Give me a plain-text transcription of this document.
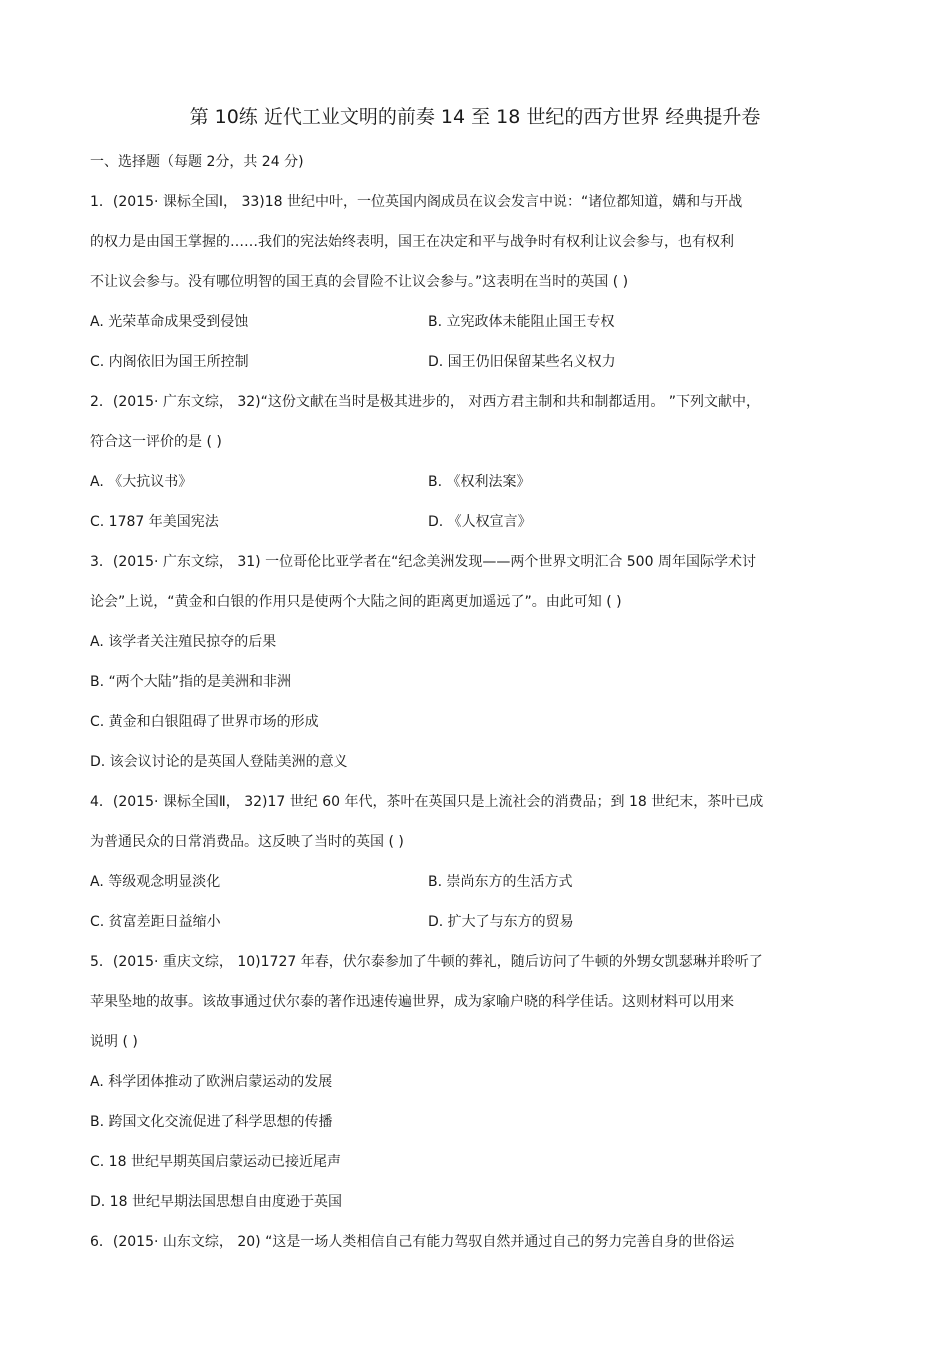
第 10练 近代工业文明的前奏 14 至 18 世纪的西方世界 经典提升卷
一、选择题（每题 2分，共 24 分)
1．(2015· 课标全国Ⅰ， 33)18 世纪中叶，一位英国内阁成员在议会发言中说：“诸位都知道，媾和与开战
的权力是由国王掌握的……我们的宪法始终表明，国王在决定和平与战争时有权利让议会参与，也有权利
不让议会参与。没有哪位明智的国王真的会冒险不让议会参与。”这表明在当时的英国 ( )
A. 光荣革命成果受到侵蚀	B. 立宪政体未能阻止国王专权
C. 内阁依旧为国王所控制	D. 国王仍旧保留某些名义权力
2．(2015· 广东文综， 32)“这份文献在当时是极其进步的， 对西方君主制和共和制都适用。 ”下列文献中，
符合这一评价的是 ( )
A. 《大抗议书》	B. 《权利法案》
C. 1787 年美国宪法	D. 《人权宣言》
3．(2015· 广东文综， 31) 一位哥伦比亚学者在“纪念美洲发现——两个世界文明汇合 500 周年国际学术讨
论会”上说，“黄金和白银的作用只是使两个大陆之间的距离更加遥远了”。由此可知 ( )
A. 该学者关注殖民掠夺的后果
B. “两个大陆”指的是美洲和非洲
C. 黄金和白银阻碍了世界市场的形成
D. 该会议讨论的是英国人登陆美洲的意义
4．(2015· 课标全国Ⅱ， 32)17 世纪 60 年代，茶叶在英国只是上流社会的消费品；到 18 世纪末，茶叶已成
为普通民众的日常消费品。这反映了当时的英国 ( )
A. 等级观念明显淡化	B. 崇尚东方的生活方式
C. 贫富差距日益缩小	D. 扩大了与东方的贸易
5．(2015· 重庆文综， 10)1727 年春，伏尔泰参加了牛顿的葬礼，随后访问了牛顿的外甥女凯瑟琳并聆听了
苹果坠地的故事。该故事通过伏尔泰的著作迅速传遍世界，成为家喻户晓的科学佳话。这则材料可以用来
说明 ( )
A. 科学团体推动了欧洲启蒙运动的发展
B. 跨国文化交流促进了科学思想的传播
C. 18 世纪早期英国启蒙运动已接近尾声
D. 18 世纪早期法国思想自由度逊于英国
6．(2015· 山东文综， 20) “这是一场人类相信自己有能力驾驭自然并通过自己的努力完善自身的世俗运
